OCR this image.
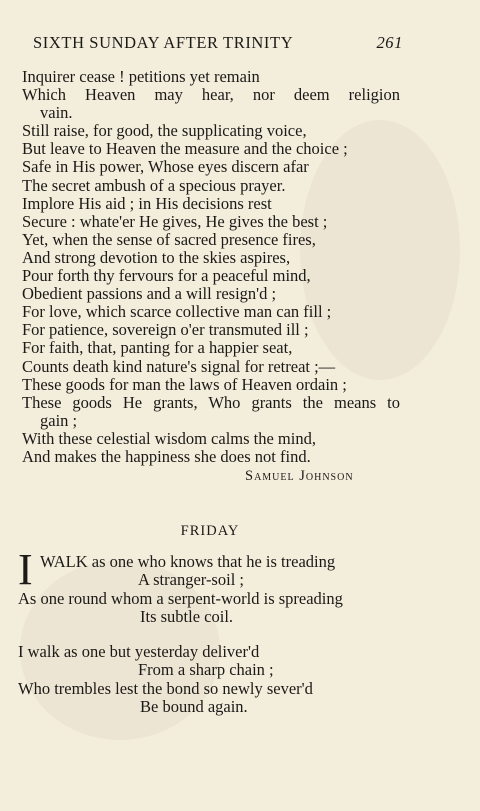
SIXTH SUNDAY AFTER TRINITY	261
Inquirer cease ! petitions yet remain
Which Heaven may hear, nor deem religion
vain.
Still raise, for good, the supplicating voice,
But leave to Heaven the measure and the choice ;
Safe in His power, Whose eyes discern afar
The secret ambush of a specious prayer.
Implore His aid ; in His decisions rest
Secure : whate'er He gives, He gives the best ;
Yet, when the sense of sacred presence fires,
And strong devotion to the skies aspires,
Pour forth thy fervours for a peaceful mind,
Obedient passions and a will resign'd ;
For love, which scarce collective man can fill ;
For patience, sovereign o'er transmuted ill ;
For faith, that, panting for a happier seat,
Counts death kind nature's signal for retreat ;—
These goods for man the laws of Heaven ordain ;
These goods He grants, Who grants the means to
gain ;
With these celestial wisdom calms the mind,
And makes the happiness she does not find.
Samuel Johnson
FRIDAY
I WALK as one who knows that he is treading
A stranger-soil ;
As one round whom a serpent-world is spreading
Its subtle coil.
I walk as one but yesterday deliver'd
From a sharp chain ;
Who trembles lest the bond so newly sever'd
Be bound again.
